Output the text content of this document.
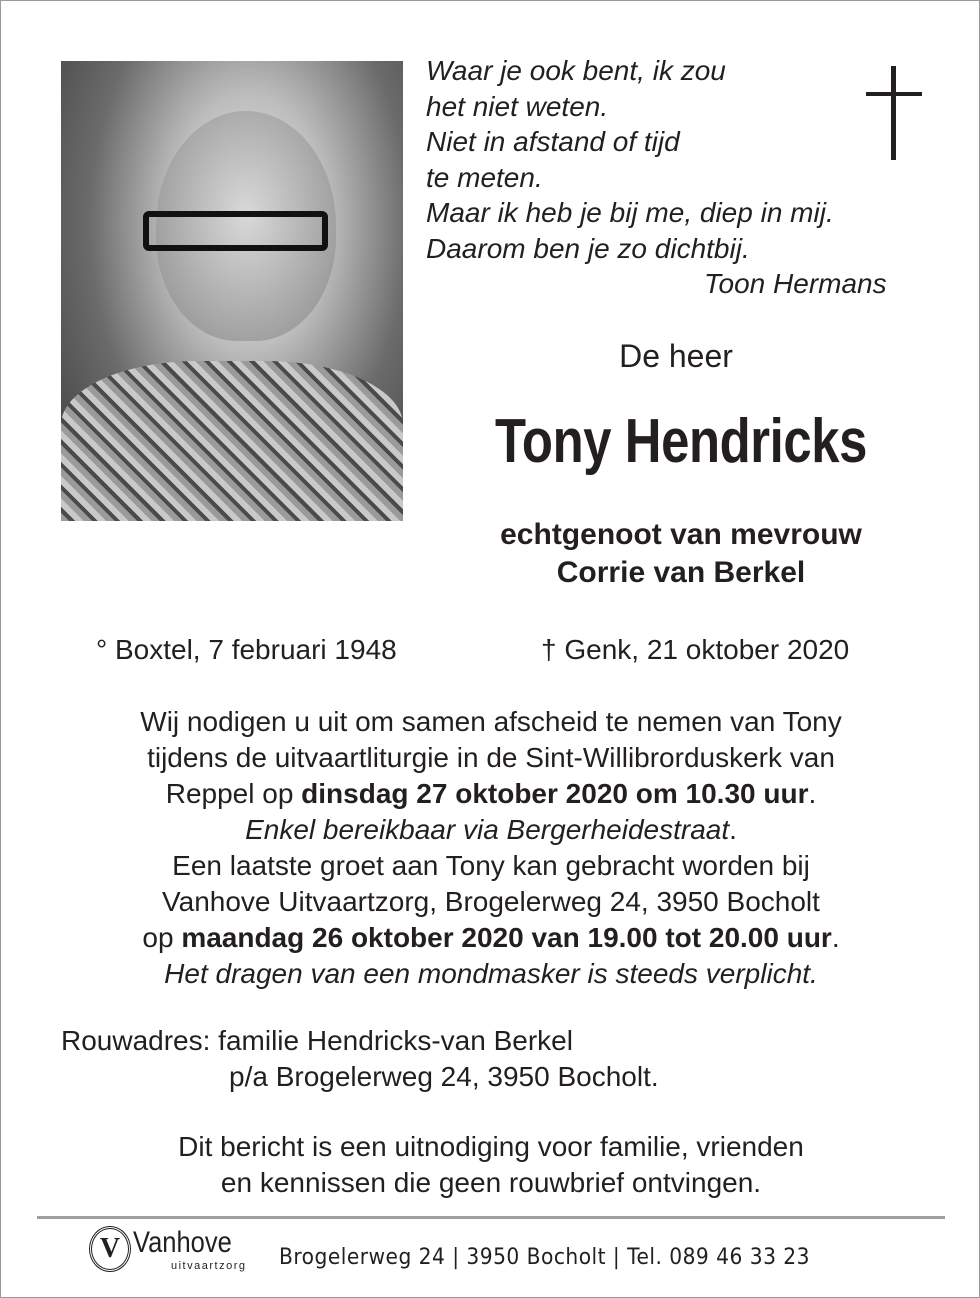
Waar je ook bent, ik zou
het niet weten.
Niet in afstand of tijd
te meten.
Maar ik heb je bij me, diep in mij.
Daarom ben je zo dichtbij.
Toon Hermans
De heer
Tony Hendricks
echtgenoot van mevrouw
Corrie van Berkel
° Boxtel, 7 februari 1948	† Genk, 21 oktober 2020
Wij nodigen u uit om samen afscheid te nemen van Tony
tijdens de uitvaartliturgie in de Sint-Willibrorduskerk van
Reppel op dinsdag 27 oktober 2020 om 10.30 uur.
Enkel bereikbaar via Bergerheidestraat.
Een laatste groet aan Tony kan gebracht worden bij
Vanhove Uitvaartzorg, Brogelerweg 24, 3950 Bocholt
op maandag 26 oktober 2020 van 19.00 tot 20.00 uur.
Het dragen van een mondmasker is steeds verplicht.
Rouwadres: familie Hendricks-van Berkel
p/a Brogelerweg 24, 3950 Bocholt.
Dit bericht is een uitnodiging voor familie, vrienden
en kennissen die geen rouwbrief ontvingen.
V Vanhove
uitvaartzorg Brogelerweg 24 | 3950 Bocholt | Tel. 089 46 33 23
